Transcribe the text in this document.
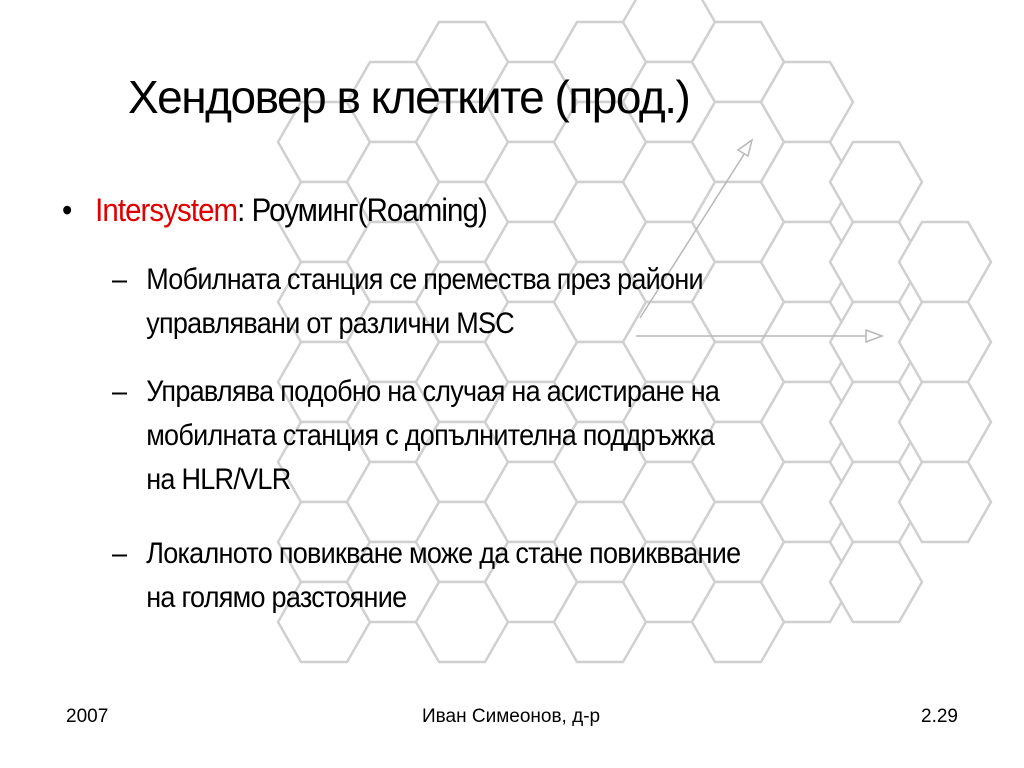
Хендовер в клетките (прод.)
• Intersystem: Роуминг(Roaming)
– Мобилната станция се премества през райони
управлявани от различни MSC
– Управлява подобно на случая на асистиране на
мобилната станция с допълнителна поддръжка
на HLR/VLR
– Локалното повикване може да стане повикввание
на голямо разстояние
2007	Иван Симеонов, д-р	2.29
